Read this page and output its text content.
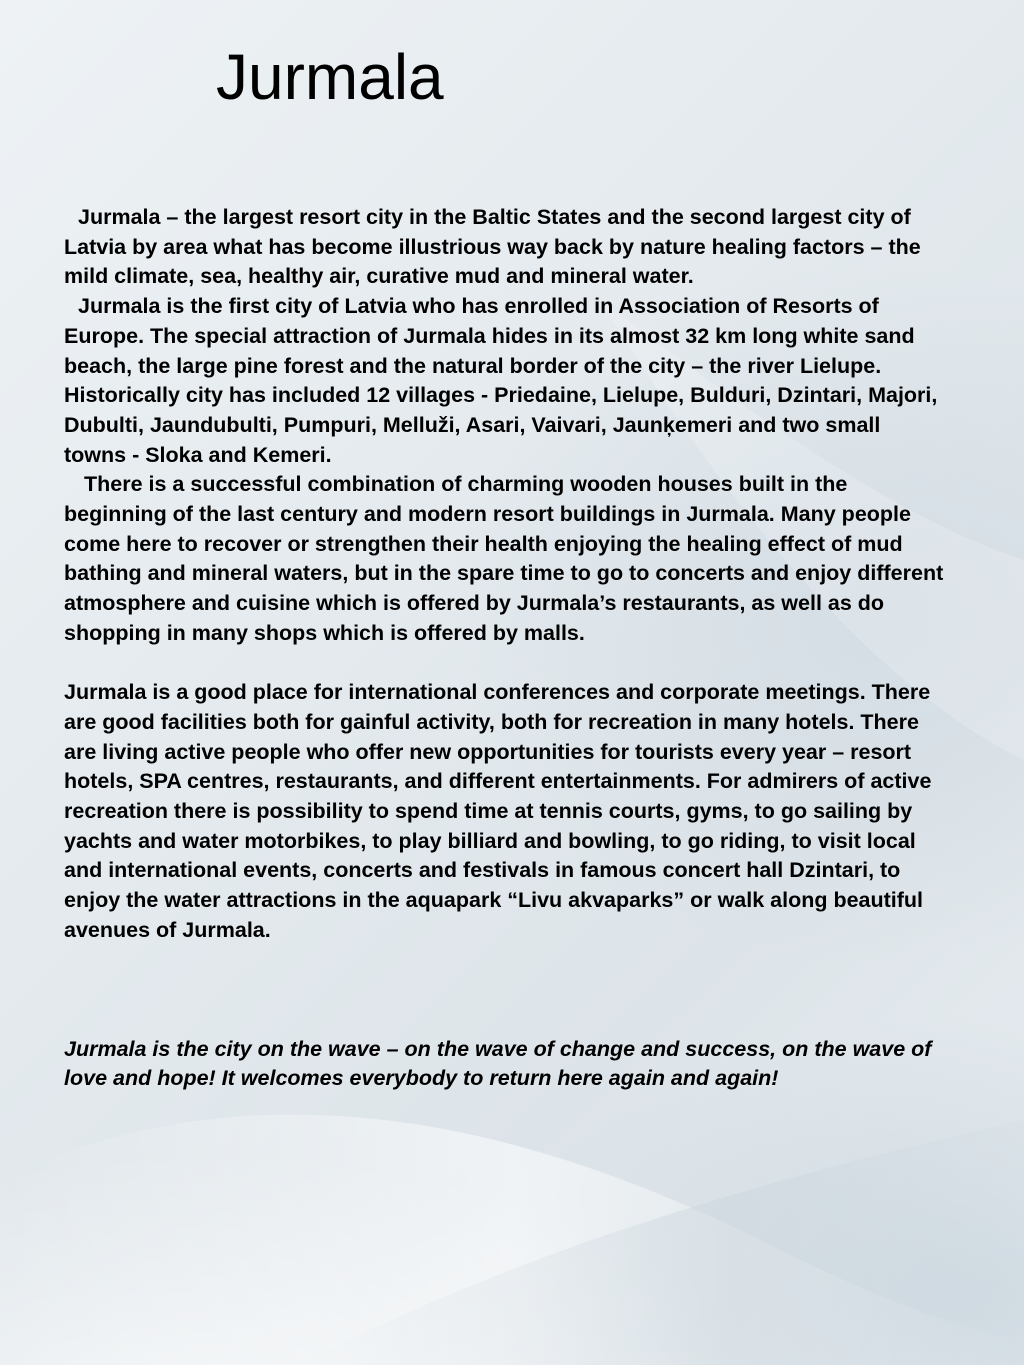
Jurmala

Jurmala – the largest resort city in the Baltic States and the second largest city of Latvia by area what has become illustrious way back by nature healing factors – the mild climate, sea, healthy air, curative mud and mineral water.

Jurmala is the first city of Latvia who has enrolled in Association of Resorts of Europe. The special attraction of Jurmala hides in its almost 32 km long white sand beach, the large pine forest and the natural border of the city – the river Lielupe. Historically city has included 12 villages - Priedaine, Lielupe, Bulduri, Dzintari, Majori, Dubulti, Jaundubulti, Pumpuri, Melluži, Asari, Vaivari, Jaunķemeri and two small towns - Sloka and Kemeri.

There is a successful combination of charming wooden houses built in the beginning of the last century and modern resort buildings in Jurmala. Many people come here to recover or strengthen their health enjoying the healing effect of mud bathing and mineral waters, but in the spare time to go to concerts and enjoy different atmosphere and cuisine which is offered by Jurmala’s restaurants, as well as do shopping in many shops which is offered by malls.

Jurmala is a good place for international conferences and corporate meetings. There are good facilities both for gainful activity, both for recreation in many hotels. There are living active people who offer new opportunities for tourists every year – resort hotels, SPA centres, restaurants, and different entertainments. For admirers of active recreation there is possibility to spend time at tennis courts, gyms, to go sailing by yachts and water motorbikes, to play billiard and bowling, to go riding, to visit local and international events, concerts and festivals in famous concert hall Dzintari, to enjoy the water attractions in the aquapark “Livu akvaparks” or walk along beautiful avenues of Jurmala.

Jurmala is the city on the wave – on the wave of change and success, on the wave of love and hope! It welcomes everybody to return here again and again!
